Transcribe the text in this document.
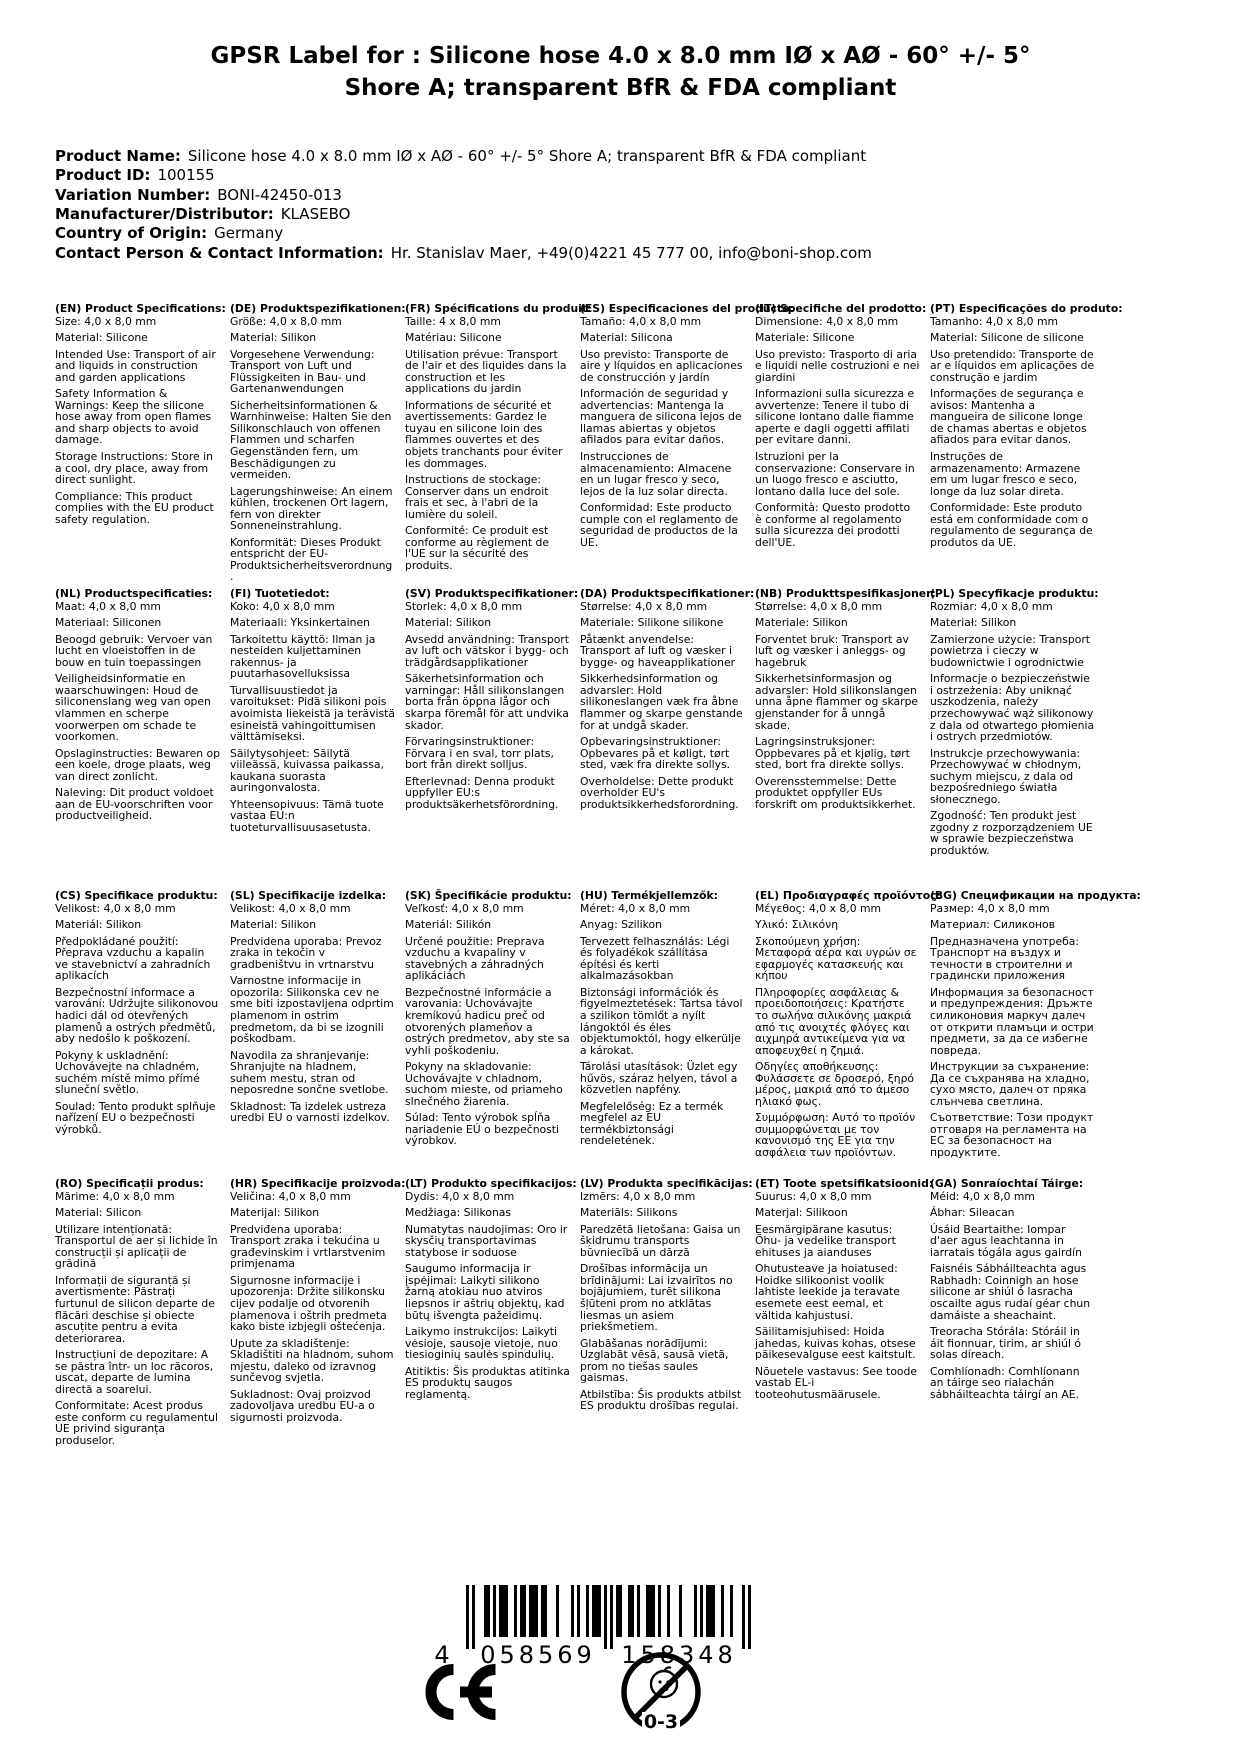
GPSR Label for : Silicone hose 4.0 x 8.0 mm IØ x AØ - 60° +/- 5°
Shore A; transparent BfR & FDA compliant
Product Name: Silicone hose 4.0 x 8.0 mm IØ x AØ - 60° +/- 5° Shore A; transparent BfR & FDA compliant
Product ID: 100155
Variation Number: BONI-42450-013
Manufacturer/Distributor: KLASEBO
Country of Origin: Germany
Contact Person & Contact Information: Hr. Stanislav Maer, +49(0)4221 45 777 00, info@boni-shop.com
(EN) Product Specifications:
Size: 4,0 x 8,0 mm
Material: Silicone
Intended Use: Transport of air and liquids in construction and garden applications
Safety Information & Warnings: Keep the silicone hose away from open flames and sharp objects to avoid damage.
Storage Instructions: Store in a cool, dry place, away from direct sunlight.
Compliance: This product complies with the EU product safety regulation.
(DE) Produktspezifikationen:
Größe: 4,0 x 8,0 mm
Material: Silikon
Vorgesehene Verwendung: Transport von Luft und Flüssigkeiten in Bau- und Gartenanwendungen
Sicherheitsinformationen & Warnhinweise: Halten Sie den Silikonschlauch von offenen Flammen und scharfen Gegenständen fern, um Beschädigungen zu vermeiden.
Lagerungshinweise: An einem kühlen, trockenen Ort lagern, fern von direkter Sonneneinstrahlung.
Konformität: Dieses Produkt entspricht der EU-Produktsicherheitsverordnung.
(FR) Spécifications du produit:
Taille: 4 x 8,0 mm
Matériau: Silicone
Utilisation prévue: Transport de l'air et des liquides dans la construction et les applications du jardin
Informations de sécurité et avertissements: Gardez le tuyau en silicone loin des flammes ouvertes et des objets tranchants pour éviter les dommages.
Instructions de stockage: Conserver dans un endroit frais et sec, à l'abri de la lumière du soleil.
Conformité: Ce produit est conforme au règlement de l'UE sur la sécurité des produits.
(ES) Especificaciones del producto:
Tamaño: 4,0 x 8,0 mm
Material: Silicona
Uso previsto: Transporte de aire y líquidos en aplicaciones de construcción y jardín
Información de seguridad y advertencias: Mantenga la manguera de silicona lejos de llamas abiertas y objetos afilados para evitar daños.
Instrucciones de almacenamiento: Almacene en un lugar fresco y seco, lejos de la luz solar directa.
Conformidad: Este producto cumple con el reglamento de seguridad de productos de la UE.
(IT) Specifiche del prodotto:
Dimensione: 4,0 x 8,0 mm
Materiale: Silicone
Uso previsto: Trasporto di aria e liquidi nelle costruzioni e nei giardini
Informazioni sulla sicurezza e avvertenze: Tenere il tubo di silicone lontano dalle fiamme aperte e dagli oggetti affilati per evitare danni.
Istruzioni per la conservazione: Conservare in un luogo fresco e asciutto, lontano dalla luce del sole.
Conformità: Questo prodotto è conforme al regolamento sulla sicurezza dei prodotti dell'UE.
(PT) Especificações do produto:
Tamanho: 4,0 x 8,0 mm
Material: Silicone de silicone
Uso pretendido: Transporte de ar e líquidos em aplicações de construção e jardim
Informações de segurança e avisos: Mantenha a mangueira de silicone longe de chamas abertas e objetos afiados para evitar danos.
Instruções de armazenamento: Armazene em um lugar fresco e seco, longe da luz solar direta.
Conformidade: Este produto está em conformidade com o regulamento de segurança de produtos da UE.
(NL) Productspecificaties:
Maat: 4,0 x 8,0 mm
Materiaal: Siliconen
Beoogd gebruik: Vervoer van lucht en vloeistoffen in de bouw en tuin toepassingen
Veiligheidsinformatie en waarschuwingen: Houd de siliconenslang weg van open vlammen en scherpe voorwerpen om schade te voorkomen.
Opslaginstructies: Bewaren op een koele, droge plaats, weg van direct zonlicht.
Naleving: Dit product voldoet aan de EU-voorschriften voor productveiligheid.
(FI) Tuotetiedot:
Koko: 4,0 x 8,0 mm
Materiaali: Yksinkertainen
Tarkoitettu käyttö: Ilman ja nesteiden kuljettaminen rakennus- ja puutarhasovelluksissa
Turvallisuustiedot ja varoitukset: Pidä silikoni pois avoimista liekeistä ja terävistä esineistä vahingoittumisen välttämiseksi.
Säilytysohjeet: Säilytä viileässä, kuivassa paikassa, kaukana suorasta auringonvalosta.
Yhteensopivuus: Tämä tuote vastaa EU:n tuoteturvallisuusasetusta.
(SV) Produktspecifikationer:
Storlek: 4,0 x 8,0 mm
Material: Silikon
Avsedd användning: Transport av luft och vätskor i bygg- och trädgårdsapplikationer
Säkerhetsinformation och varningar: Håll silikonslangen borta från öppna lågor och skarpa föremål för att undvika skador.
Förvaringsinstruktioner: Förvara i en sval, torr plats, bort från direkt solljus.
Efterlevnad: Denna produkt uppfyller EU:s produktsäkerhetsförordning.
(DA) Produktspecifikationer:
Størrelse: 4,0 x 8,0 mm
Materiale: Silikone silikone
Påtænkt anvendelse: Transport af luft og væsker i bygge- og haveapplikationer
Sikkerhedsinformation og advarsler: Hold silikoneslangen væk fra åbne flammer og skarpe genstande for at undgå skader.
Opbevaringsinstruktioner: Opbevares på et køligt, tørt sted, væk fra direkte sollys.
Overholdelse: Dette produkt overholder EU's produktsikkerhedsforordning.
(NB) Produkttspesifikasjoner:
Størrelse: 4,0 x 8,0 mm
Materiale: Silikon
Forventet bruk: Transport av luft og væsker i anleggs- og hagebruk
Sikkerhetsinformasjon og advarsler: Hold silikonslangen unna åpne flammer og skarpe gjenstander for å unngå skade.
Lagringsinstruksjoner: Oppbevares på et kjølig, tørt sted, bort fra direkte sollys.
Overensstemmelse: Dette produktet oppfyller EUs forskrift om produktsikkerhet.
(PL) Specyfikacje produktu:
Rozmiar: 4,0 x 8,0 mm
Materiał: Silikon
Zamierzone użycie: Transport powietrza i cieczy w budownictwie i ogrodnictwie
Informacje o bezpieczeństwie i ostrzeżenia: Aby uniknąć uszkodzenia, należy przechowywać wąż silikonowy z dala od otwartego płomienia i ostrych przedmiotów.
Instrukcje przechowywania: Przechowywać w chłodnym, suchym miejscu, z dala od bezpośredniego światła słonecznego.
Zgodność: Ten produkt jest zgodny z rozporządzeniem UE w sprawie bezpieczeństwa produktów.
(CS) Specifikace produktu:
Velikost: 4,0 x 8,0 mm
Materiál: Silikon
Předpokládané použití: Přeprava vzduchu a kapalin ve stavebnictví a zahradních aplikacích
Bezpečnostní informace a varování: Udržujte silikonovou hadici dál od otevřených plamenů a ostrých předmětů, aby nedošlo k poškození.
Pokyny k uskladnění: Uchovávejte na chladném, suchém místě mimo přímé sluneční světlo.
Soulad: Tento produkt splňuje nařízení EU o bezpečnosti výrobků.
(SL) Specifikacije izdelka:
Velikost: 4,0 x 8,0 mm
Material: Silikon
Predvidena uporaba: Prevoz zraka in tekočin v gradbeništvu in vrtnarstvu
Varnostne informacije in opozorila: Silikonska cev ne sme biti izpostavljena odprtim plamenom in ostrim predmetom, da bi se izognili poškodbam.
Navodila za shranjevanje: Shranjujte na hladnem, suhem mestu, stran od neposredne sončne svetlobe.
Skladnost: Ta izdelek ustreza uredbi EU o varnosti izdelkov.
(SK) Špecifikácie produktu:
Veľkosť: 4,0 x 8,0 mm
Materiál: Silikón
Určené použitie: Preprava vzduchu a kvapaliny v stavebných a záhradných aplikáciách
Bezpečnostné informácie a varovania: Uchovávajte kremíkovú hadicu preč od otvorených plameňov a ostrých predmetov, aby ste sa vyhli poškodeniu.
Pokyny na skladovanie: Uchovávajte v chladnom, suchom mieste, od priameho slnečného žiarenia.
Súlad: Tento výrobok spĺňa nariadenie EÚ o bezpečnosti výrobkov.
(HU) Termékjellemzők:
Méret: 4,0 x 8,0 mm
Anyag: Szilikon
Tervezett felhasználás: Légi és folyadékok szállítása építési és kerti alkalmazásokban
Biztonsági információk és figyelmeztetések: Tartsa távol a szilikon tömlőt a nyílt lángoktól és éles objektumoktól, hogy elkerülje a károkat.
Tárolási utasítások: Üzlet egy hűvös, száraz helyen, távol a közvetlen napfény.
Megfelelőség: Ez a termék megfelel az EU termékbiztonsági rendeletének.
(EL) Προδιαγραφές προϊόντος:
Μέγεθος: 4,0 x 8,0 mm
Υλικό: Σιλικόνη
Σκοπούμενη χρήση: Μεταφορά αέρα και υγρών σε εφαρμογές κατασκευής και κήπου
Πληροφορίες ασφάλειας & προειδοποιήσεις: Κρατήστε το σωλήνα σιλικόνης μακριά από τις ανοιχτές φλόγες και αιχμηρά αντικείμενα για να αποφευχθεί η ζημιά.
Οδηγίες αποθήκευσης: Φυλάσσετε σε δροσερό, ξηρό μέρος, μακριά από το άμεσο ηλιακό φως.
Συμμόρφωση: Αυτό το προϊόν συμμορφώνεται με τον κανονισμό της ΕΕ για την ασφάλεια των προϊόντων.
(BG) Спецификации на продукта:
Размер: 4,0 x 8,0 mm
Материал: Силиконов
Предназначена употреба: Транспорт на въздух и течности в строителни и градински приложения
Информация за безопасност и предупреждения: Дръжте силиконовия маркуч далеч от открити пламъци и остри предмети, за да се избегне повреда.
Инструкции за съхранение: Да се съхранява на хладно, сухо място, далеч от пряка слънчева светлина.
Съответствие: Този продукт отговаря на регламента на ЕС за безопасност на продуктите.
(RO) Specificații produs:
Mărime: 4,0 x 8,0 mm
Material: Silicon
Utilizare intenționată: Transportul de aer și lichide în construcții și aplicații de grădină
Informații de siguranță și avertismente: Păstrați furtunul de silicon departe de flăcări deschise și obiecte ascuțite pentru a evita deteriorarea.
Instrucțiuni de depozitare: A se păstra într- un loc răcoros, uscat, departe de lumina directă a soarelui.
Conformitate: Acest produs este conform cu regulamentul UE privind siguranța produselor.
(HR) Specifikacije proizvoda:
Veličina: 4,0 x 8,0 mm
Materijal: Silikon
Predviđena uporaba: Transport zraka i tekućina u građevinskim i vrtlarstvenim primjenama
Sigurnosne informacije i upozorenja: Držite silikonsku cijev podalje od otvorenih plamenova i oštrih predmeta kako biste izbjegli oštećenja.
Upute za skladištenje: Skladištiti na hladnom, suhom mjestu, daleko od izravnog sunčevog svjetla.
Sukladnost: Ovaj proizvod zadovoljava uredbu EU-a o sigurnosti proizvoda.
(LT) Produkto specifikacijos:
Dydis: 4,0 x 8,0 mm
Medžiaga: Silikonas
Numatytas naudojimas: Oro ir skysčių transportavimas statybose ir soduose
Saugumo informacija ir įspėjimai: Laikyti silikono žarną atokiau nuo atviros liepsnos ir aštrių objektų, kad būtų išvengta pažeidimų.
Laikymo instrukcijos: Laikyti vėsioje, sausoje vietoje, nuo tiesioginių saulės spindulių.
Atitiktis: Šis produktas atitinka ES produktų saugos reglamentą.
(LV) Produkta specifikācijas:
Izmērs: 4,0 x 8,0 mm
Materiāls: Silikons
Paredzētā lietošana: Gaisa un šķidrumu transports būvniecībā un dārzā
Drošības informācija un brīdinājumi: Lai izvairītos no bojājumiem, turēt silikona šļūteni prom no atklātas liesmas un asiem priekšmetiem.
Glabāšanas norādījumi: Uzglabāt vēsā, sausā vietā, prom no tiešas saules gaismas.
Atbilstība: Šis produkts atbilst ES produktu drošības regulai.
(ET) Toote spetsifikatsioonid:
Suurus: 4,0 x 8,0 mm
Materjal: Silikoon
Eesmärgipärane kasutus: Õhu- ja vedelike transport ehituses ja aianduses
Ohutusteave ja hoiatused: Hoidke silikoonist voolik lahtiste leekide ja teravate esemete eest eemal, et vältida kahjustusi.
Säilitamisjuhised: Hoida jahedas, kuivas kohas, otsese päikesevalguse eest kaitstult.
Nõuetele vastavus: See toode vastab EL-i tooteohutusmäärusele.
(GA) Sonraíochtaí Táirge:
Méid: 4,0 x 8,0 mm
Ábhar: Sileacan
Úsáid Beartaithe: Iompar d'aer agus leachtanna in iarratais tógála agus gairdín
Faisnéis Sábháilteachta agus Rabhadh: Coinnigh an hose silicone ar shiúl ó lasracha oscailte agus rudaí géar chun damáiste a sheachaint.
Treoracha Stórála: Stóráil in áit fionnuar, tirim, ar shiúl ó solas díreach.
Comhlíonadh: Comhlíonann an táirge seo rialachán sábháilteachta táirgí an AE.
4 058569 158348
0-3
